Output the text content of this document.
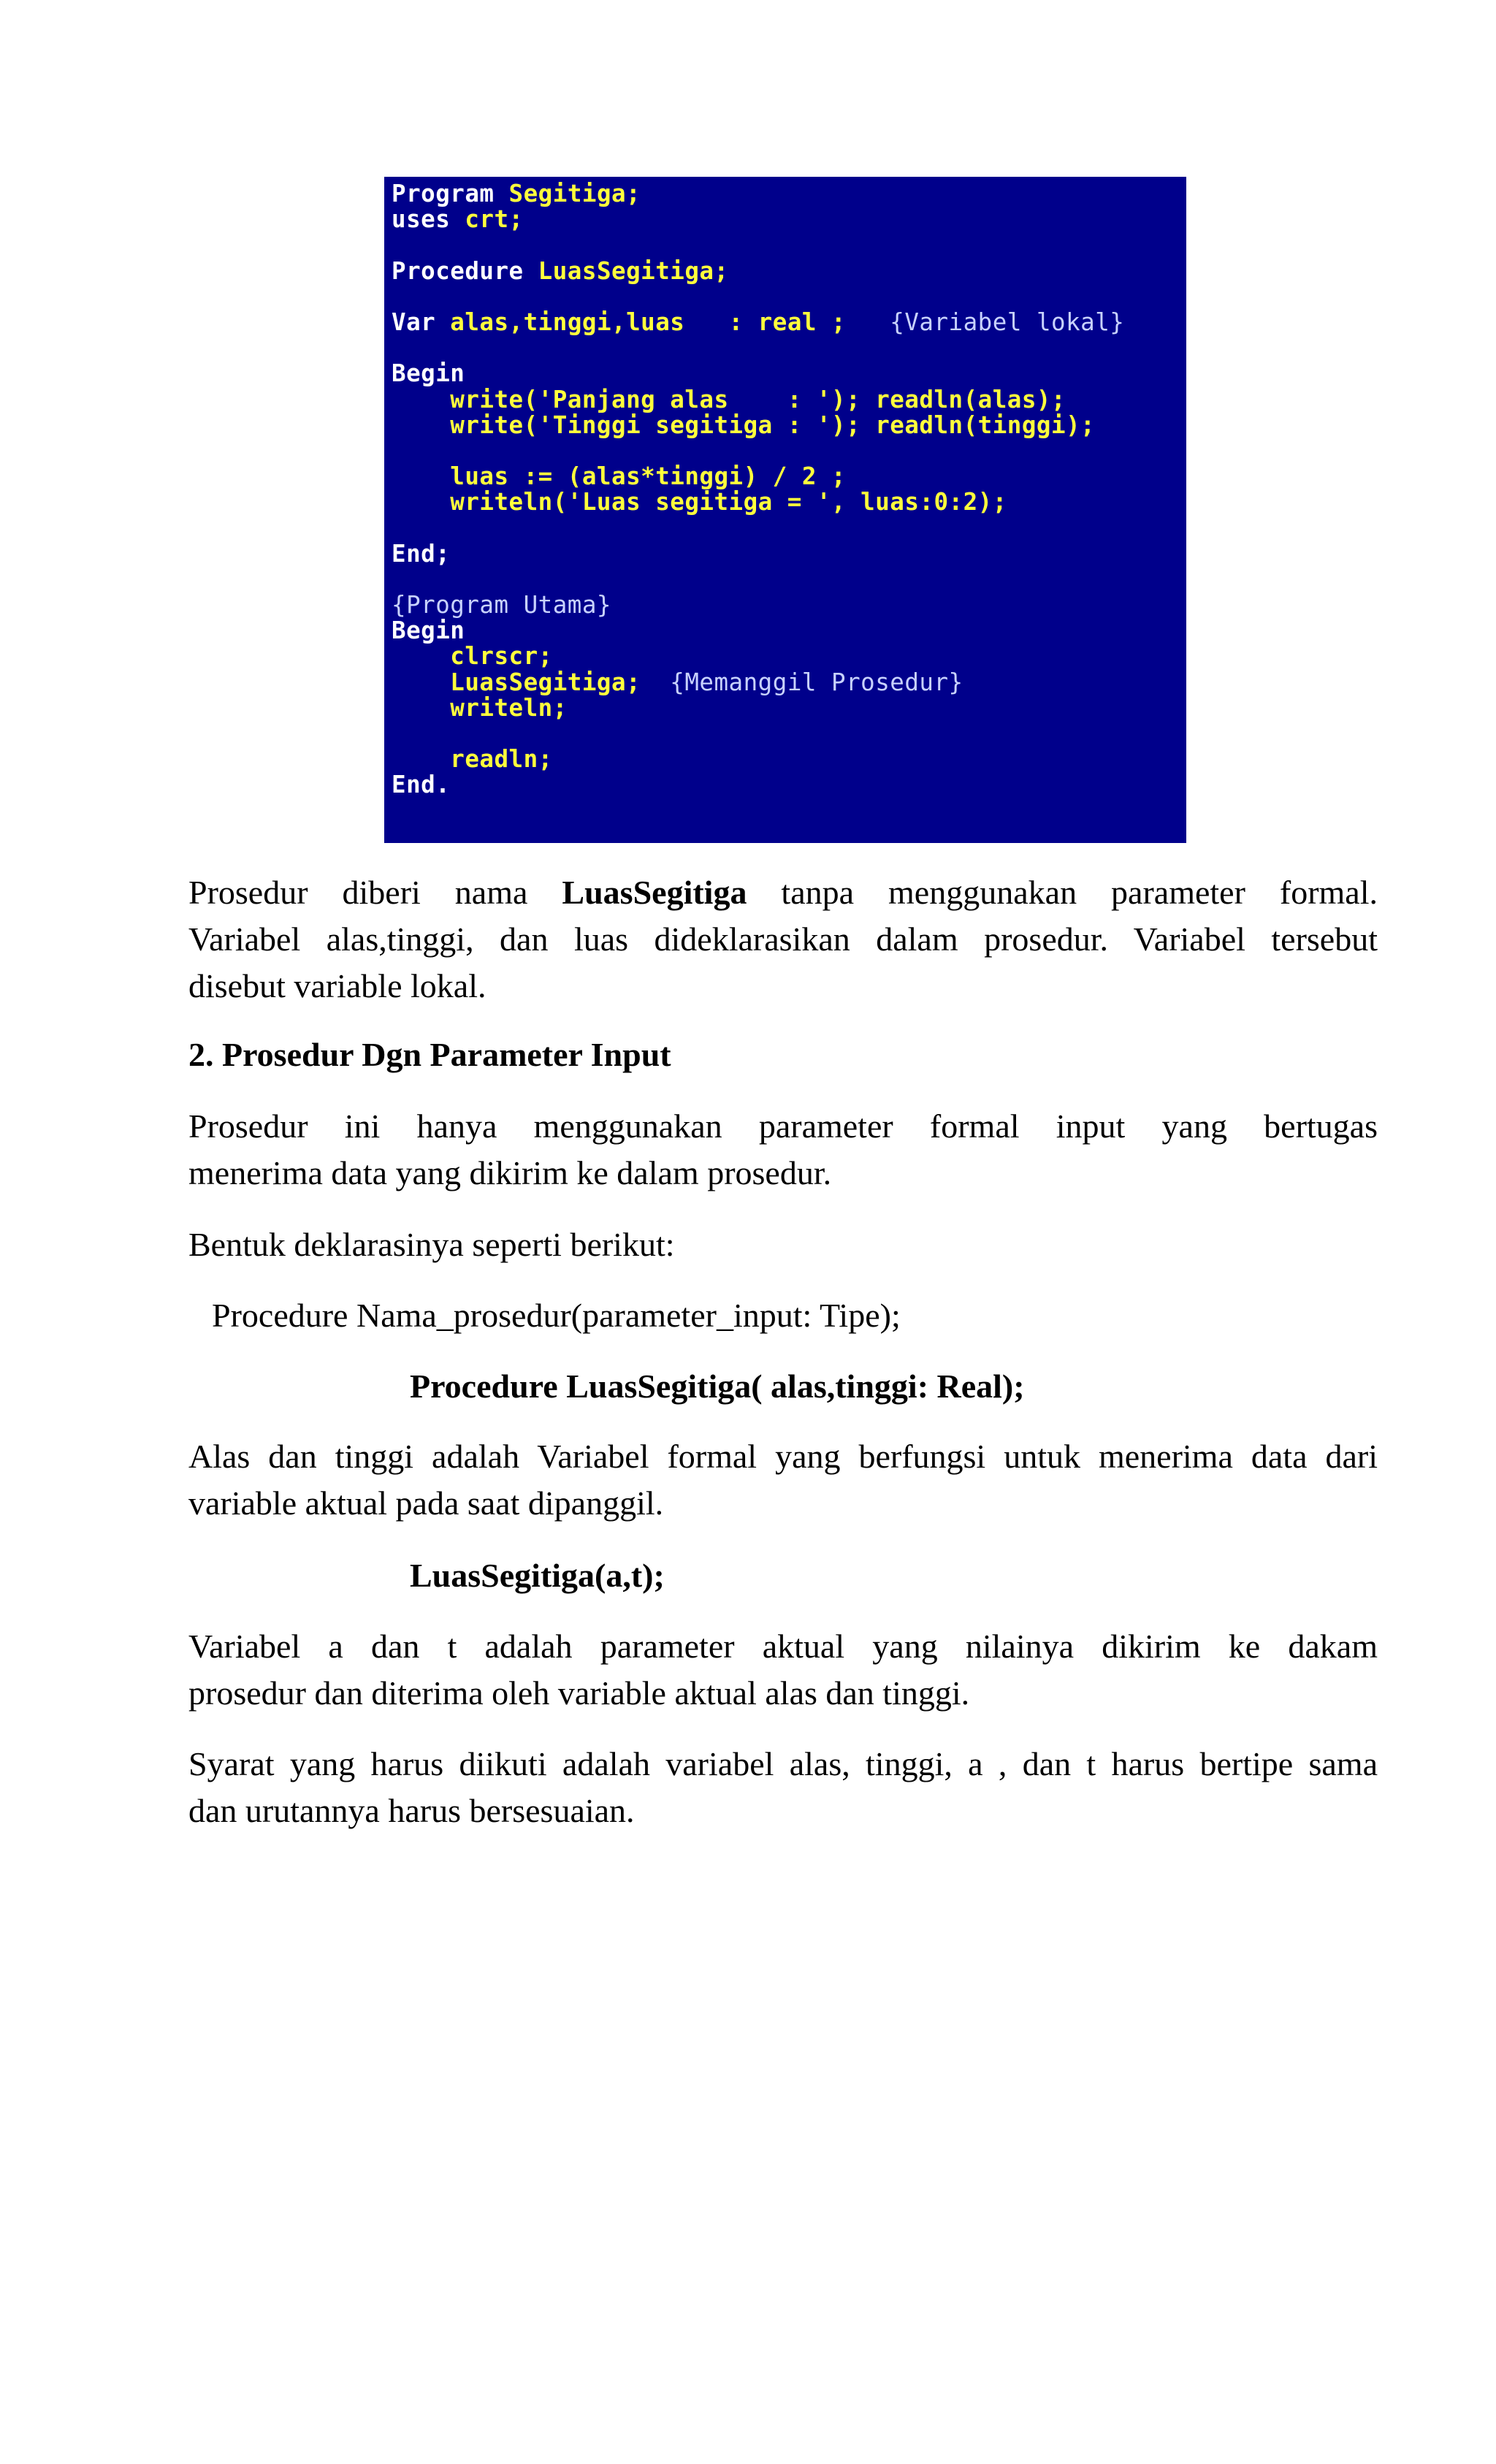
Program Segitiga;
uses crt;

Procedure LuasSegitiga;

Var alas,tinggi,luas   : real ;   {Variabel lokal}

Begin
write('Panjang alas    : '); readln(alas);
write('Tinggi segitiga : '); readln(tinggi);

luas := (alas*tinggi) / 2 ;
writeln('Luas segitiga = ', luas:0:2);

End;

{Program Utama}
Begin
clrscr;
LuasSegitiga;  {Memanggil Prosedur}
writeln;

readln;
End.
Prosedur diberi nama LuasSegitiga tanpa menggunakan parameter formal.
Variabel alas,tinggi, dan luas dideklarasikan dalam prosedur. Variabel tersebut
disebut variable lokal.
2. Prosedur Dgn Parameter Input
Prosedur ini hanya menggunakan parameter formal input yang bertugas
menerima data yang dikirim ke dalam prosedur.
Bentuk deklarasinya seperti berikut:
Procedure Nama_prosedur(parameter_input: Tipe);
Procedure LuasSegitiga( alas,tinggi: Real);
Alas dan tinggi adalah Variabel formal yang berfungsi untuk menerima data dari
variable aktual pada saat dipanggil.
LuasSegitiga(a,t);
Variabel a dan t adalah parameter aktual yang nilainya dikirim ke dakam
prosedur dan diterima oleh variable aktual alas dan tinggi.
Syarat yang harus diikuti adalah variabel alas, tinggi, a , dan t harus bertipe sama
dan urutannya harus bersesuaian.
